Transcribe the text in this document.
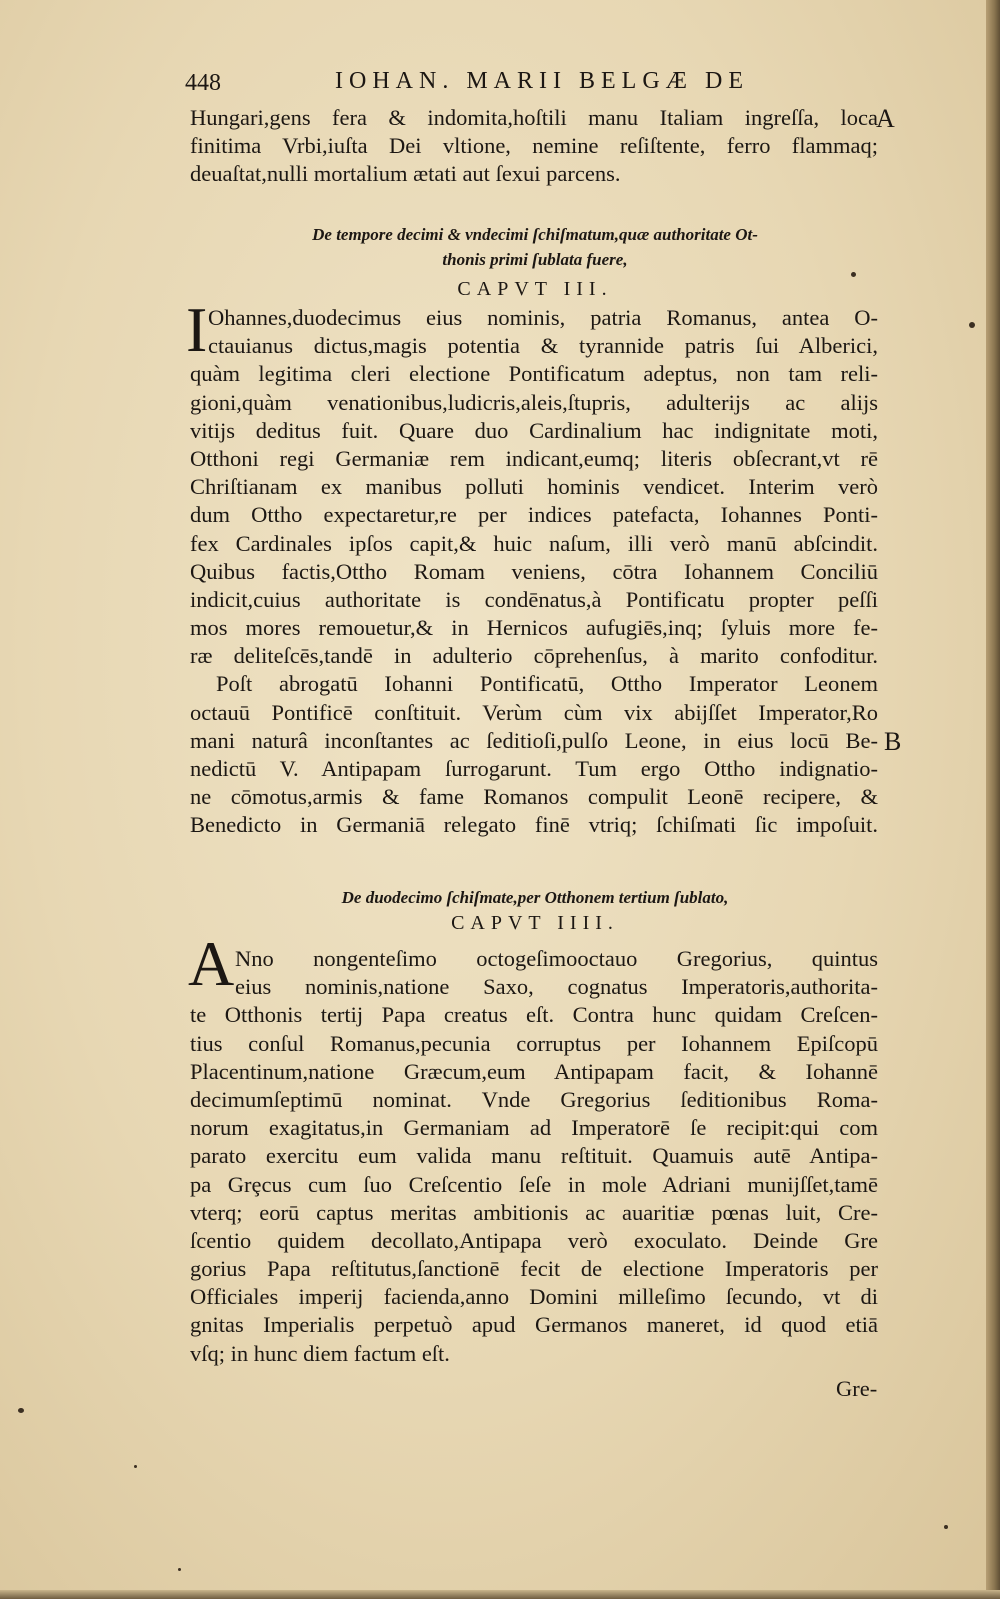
448	IOHAN. MARII BELGÆ DE
Hungari,gens fera & indomita,hoſtili manu Italiam ingreſſa, loca
finitima Vrbi,iuſta Dei vltione, nemine reſiſtente, ferro flammaq;
deuaſtat,nulli mortalium ætati aut ſexui parcens.
A
De tempore decimi & vndecimi ſchiſmatum,quæ authoritate Ot-
thonis primi ſublata fuere,
CAPVT III.
I Ohannes,duodecimus eius nominis, patria Romanus, antea O-
ctauianus dictus,magis potentia & tyrannide patris ſui Alberici,
quàm legitima cleri electione Pontificatum adeptus, non tam reli-
gioni,quàm venationibus,ludicris,aleis,ſtupris, adulterijs ac alijs
vitijs deditus fuit. Quare duo Cardinalium hac indignitate moti,
Otthoni regi Germaniæ rem indicant,eumq; literis obſecrant,vt rē
Chriſtianam ex manibus polluti hominis vendicet. Interim verò
dum Ottho expectaretur,re per indices patefacta, Iohannes Ponti-
fex Cardinales ipſos capit,& huic naſum, illi verò manū abſcindit.
Quibus factis,Ottho Romam veniens, cōtra Iohannem Conciliū
indicit,cuius authoritate is condēnatus,à Pontificatu propter peſſi
mos mores remouetur,& in Hernicos aufugiēs,inq; ſyluis more fe-
ræ deliteſcēs,tandē in adulterio cōprehenſus, à marito confoditur.
Poſt abrogatū Iohanni Pontificatū, Ottho Imperator Leonem
octauū Pontificē conſtituit. Verùm cùm vix abijſſet Imperator,Ro
mani naturâ inconſtantes ac ſeditioſi,pulſo Leone, in eius locū Be-
nedictū V. Antipapam ſurrogarunt. Tum ergo Ottho indignatio-
ne cōmotus,armis & fame Romanos compulit Leonē recipere, &
Benedicto in Germaniā relegato finē vtriq; ſchiſmati ſic impoſuit.
B
De duodecimo ſchiſmate,per Otthonem tertium ſublato,
CAPVT IIII.
A Nno nongenteſimo octogeſimooctauo Gregorius, quintus
eius nominis,natione Saxo, cognatus Imperatoris,authorita-
te Otthonis tertij Papa creatus eſt. Contra hunc quidam Creſcen-
tius conſul Romanus,pecunia corruptus per Iohannem Epiſcopū
Placentinum,natione Græcum,eum Antipapam facit, & Iohannē
decimumſeptimū nominat. Vnde Gregorius ſeditionibus Roma-
norum exagitatus,in Germaniam ad Imperatorē ſe recipit:qui com
parato exercitu eum valida manu reſtituit. Quamuis autē Antipa-
pa Grȩcus cum ſuo Creſcentio ſeſe in mole Adriani munijſſet,tamē
vterq; eorū captus meritas ambitionis ac auaritiæ pœnas luit, Cre-
ſcentio quidem decollato,Antipapa verò exoculato. Deinde Gre
gorius Papa reſtitutus,ſanctionē fecit de electione Imperatoris per
Officiales imperij facienda,anno Domini milleſimo ſecundo, vt di
gnitas Imperialis perpetuò apud Germanos maneret, id quod etiā
vſq; in hunc diem factum eſt.
Gre-
